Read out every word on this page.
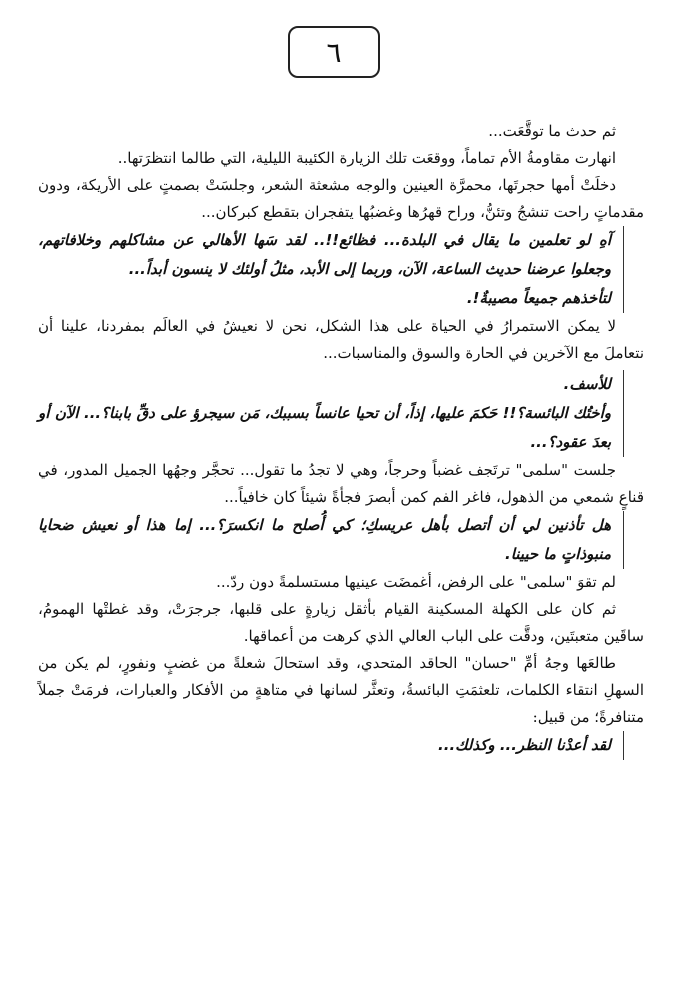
٦

ثم حدث ما توقَّعَت...

انهارت مقاومةُ الأم تماماً، ووقعَت تلك الزيارة الكئيبة الليلية، التي طالما انتظرَتها..

دخلَتْ أمها حجرتَها، محمرَّة العينين والوجه مشعثة الشعر، وجلسَتْ بصمتٍ على الأريكة، ودون مقدماتٍ راحت تنشجُ وتئنُّ، وراح قهرُها وغضبُها يتفجران بتقطع كبركان...

آهِ لو تعلمين ما يقال في البلدة... فظائع!!.. لقد سَها الأهالي عن مشاكلهم وخلافاتهم، وجعلوا عرضنا حديث الساعة، الآن، وربما إلى الأبد، مثلُ أولئك لا ينسون أبداً...
لتأخذهم جميعاً مصيبةٌ!.

لا يمكن الاستمرارُ في الحياة على هذا الشكل، نحن لا نعيشُ في العالَم بمفردنا، علينا أن نتعاملَ مع الآخرين في الحارة والسوق والمناسبات...

للأسف.
وأختُك البائسة؟!! حَكمَ عليها، إذاً، أن تحيا عانساً بسببك، مَن سيجرؤ على دقِّ بابنا؟... الآن أو بعدَ عقود؟...

جلست "سلمى" ترتَجف غضباً وحرجاً، وهي لا تجدُ ما تقول... تحجَّر وجهُها الجميل المدور، في قناعٍ شمعي من الذهول، فاغر الفم كمن أبصرَ فجأةً شيئاً كان خافياً...

هل تأذنين لي أن أتصل بأهل عريسكِ؛ كي أُصلح ما انكسرَ؟... إما هذا أو نعيش ضحايا منبوذاتٍ ما حيينا.

لم تقوَ "سلمى" على الرفض، أغمضَت عينيها مستسلمةً دون ردّ...

ثم كان على الكهلة المسكينة القيام بأثقل زيارةٍ على قلبها، جرجرَتْ، وقد غطتْها الهمومُ، ساقَين متعبتَين، ودقَّت على الباب العالي الذي كرهت من أعماقها.

طالعَها وجهُ أمِّ "حسان" الحاقد المتحدي، وقد استحالَ شعلةً من غضبٍ ونفورٍ، لم يكن من السهلِ انتقاء الكلمات، تلعثمَتِ البائسةُ، وتعثَّر لسانها في متاهةٍ من الأفكار والعبارات، فرمَتْ جملاً متنافرةً؛ من قبيل:

لقد أعدْنا النظر... وكذلك...
